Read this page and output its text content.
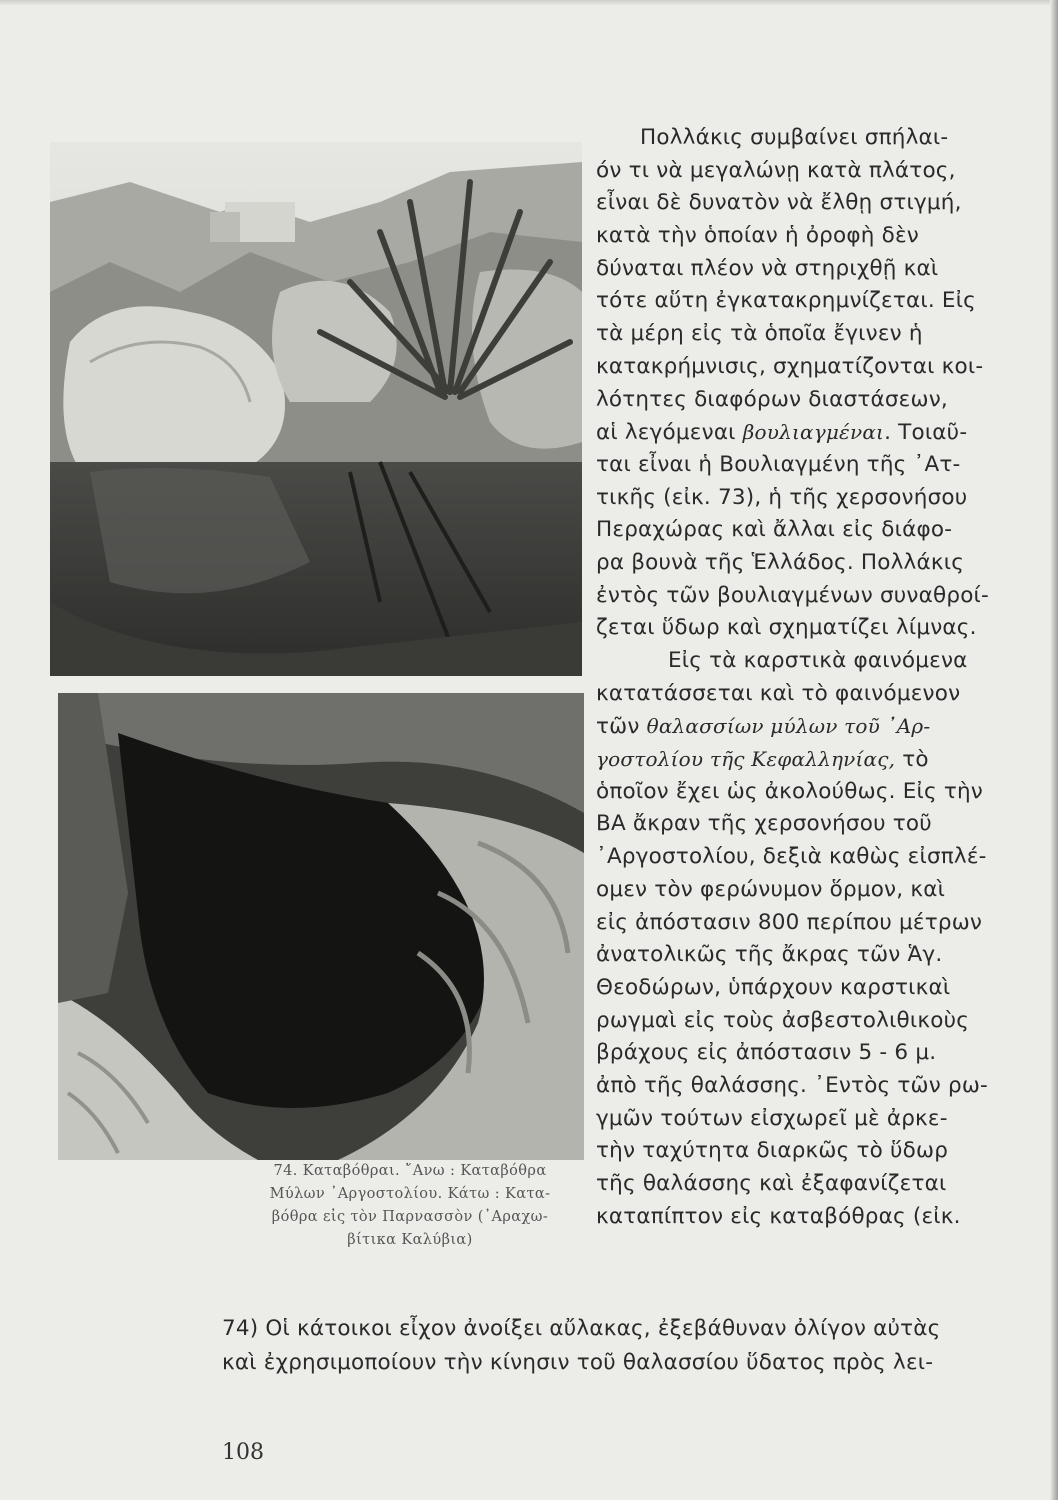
74. Καταβόθραι. ῎Ανω : Καταβόθρα
Μύλων ᾿Αργοστολίου. Κάτω : Κατα-
βόθρα εἰς τὸν Παρνασσὸν (᾿Αραχω-
βίτικα Καλύβια)
Πολλάκις συμβαίνει σπήλαι-
όν τι νὰ μεγαλώνῃ κατὰ πλάτος,
εἶναι δὲ δυνατὸν νὰ ἔλθῃ στιγμή,
κατὰ τὴν ὁποίαν ἡ ὀροφὴ δὲν
δύναται πλέον νὰ στηριχθῇ καὶ
τότε αὕτη ἐγκατακρημνίζεται. Εἰς
τὰ μέρη εἰς τὰ ὁποῖα ἔγινεν ἡ
κατακρήμνισις, σχηματίζονται κοι-
λότητες διαφόρων διαστάσεων,
αἱ λεγόμεναι βουλιαγμέναι. Τοιαῦ-
ται εἶναι ἡ Βουλιαγμένη τῆς ᾿Ατ-
τικῆς (εἰκ. 73), ἡ τῆς χερσονήσου
Περαχώρας καὶ ἄλλαι εἰς διάφο-
ρα βουνὰ τῆς Ἑλλάδος. Πολλάκις
ἐντὸς τῶν βουλιαγμένων συναθροί-
ζεται ὕδωρ καὶ σχηματίζει λίμνας.
Εἰς τὰ καρστικὰ φαινόμενα
κατατάσσεται καὶ τὸ φαινόμενον
τῶν θαλασσίων μύλων τοῦ ᾿Αρ-
γοστολίου τῆς Κεφαλληνίας, τὸ
ὁποῖον ἔχει ὡς ἀκολούθως. Εἰς τὴν
ΒΑ ἄκραν τῆς χερσονήσου τοῦ
᾿Αργοστολίου, δεξιὰ καθὼς εἰσπλέ-
ομεν τὸν φερώνυμον ὅρμον, καὶ
εἰς ἀπόστασιν 800 περίπου μέτρων
ἀνατολικῶς τῆς ἄκρας τῶν Ἁγ.
Θεοδώρων, ὑπάρχουν καρστικαὶ
ρωγμαὶ εἰς τοὺς ἀσβεστολιθικοὺς
βράχους εἰς ἀπόστασιν 5 - 6 μ.
ἀπὸ τῆς θαλάσσης. ᾿Εντὸς τῶν ρω-
γμῶν τούτων εἰσχωρεῖ μὲ ἀρκε-
τὴν ταχύτητα διαρκῶς τὸ ὕδωρ
τῆς θαλάσσης καὶ ἐξαφανίζεται
καταπίπτον εἰς καταβόθρας (εἰκ.
74) Οἱ κάτοικοι εἶχον ἀνοίξει αὔλακας, ἐξεβάθυναν ὀλίγον αὐτὰς
καὶ ἐχρησιμοποίουν τὴν κίνησιν τοῦ θαλασσίου ὕδατος πρὸς λει-
108
